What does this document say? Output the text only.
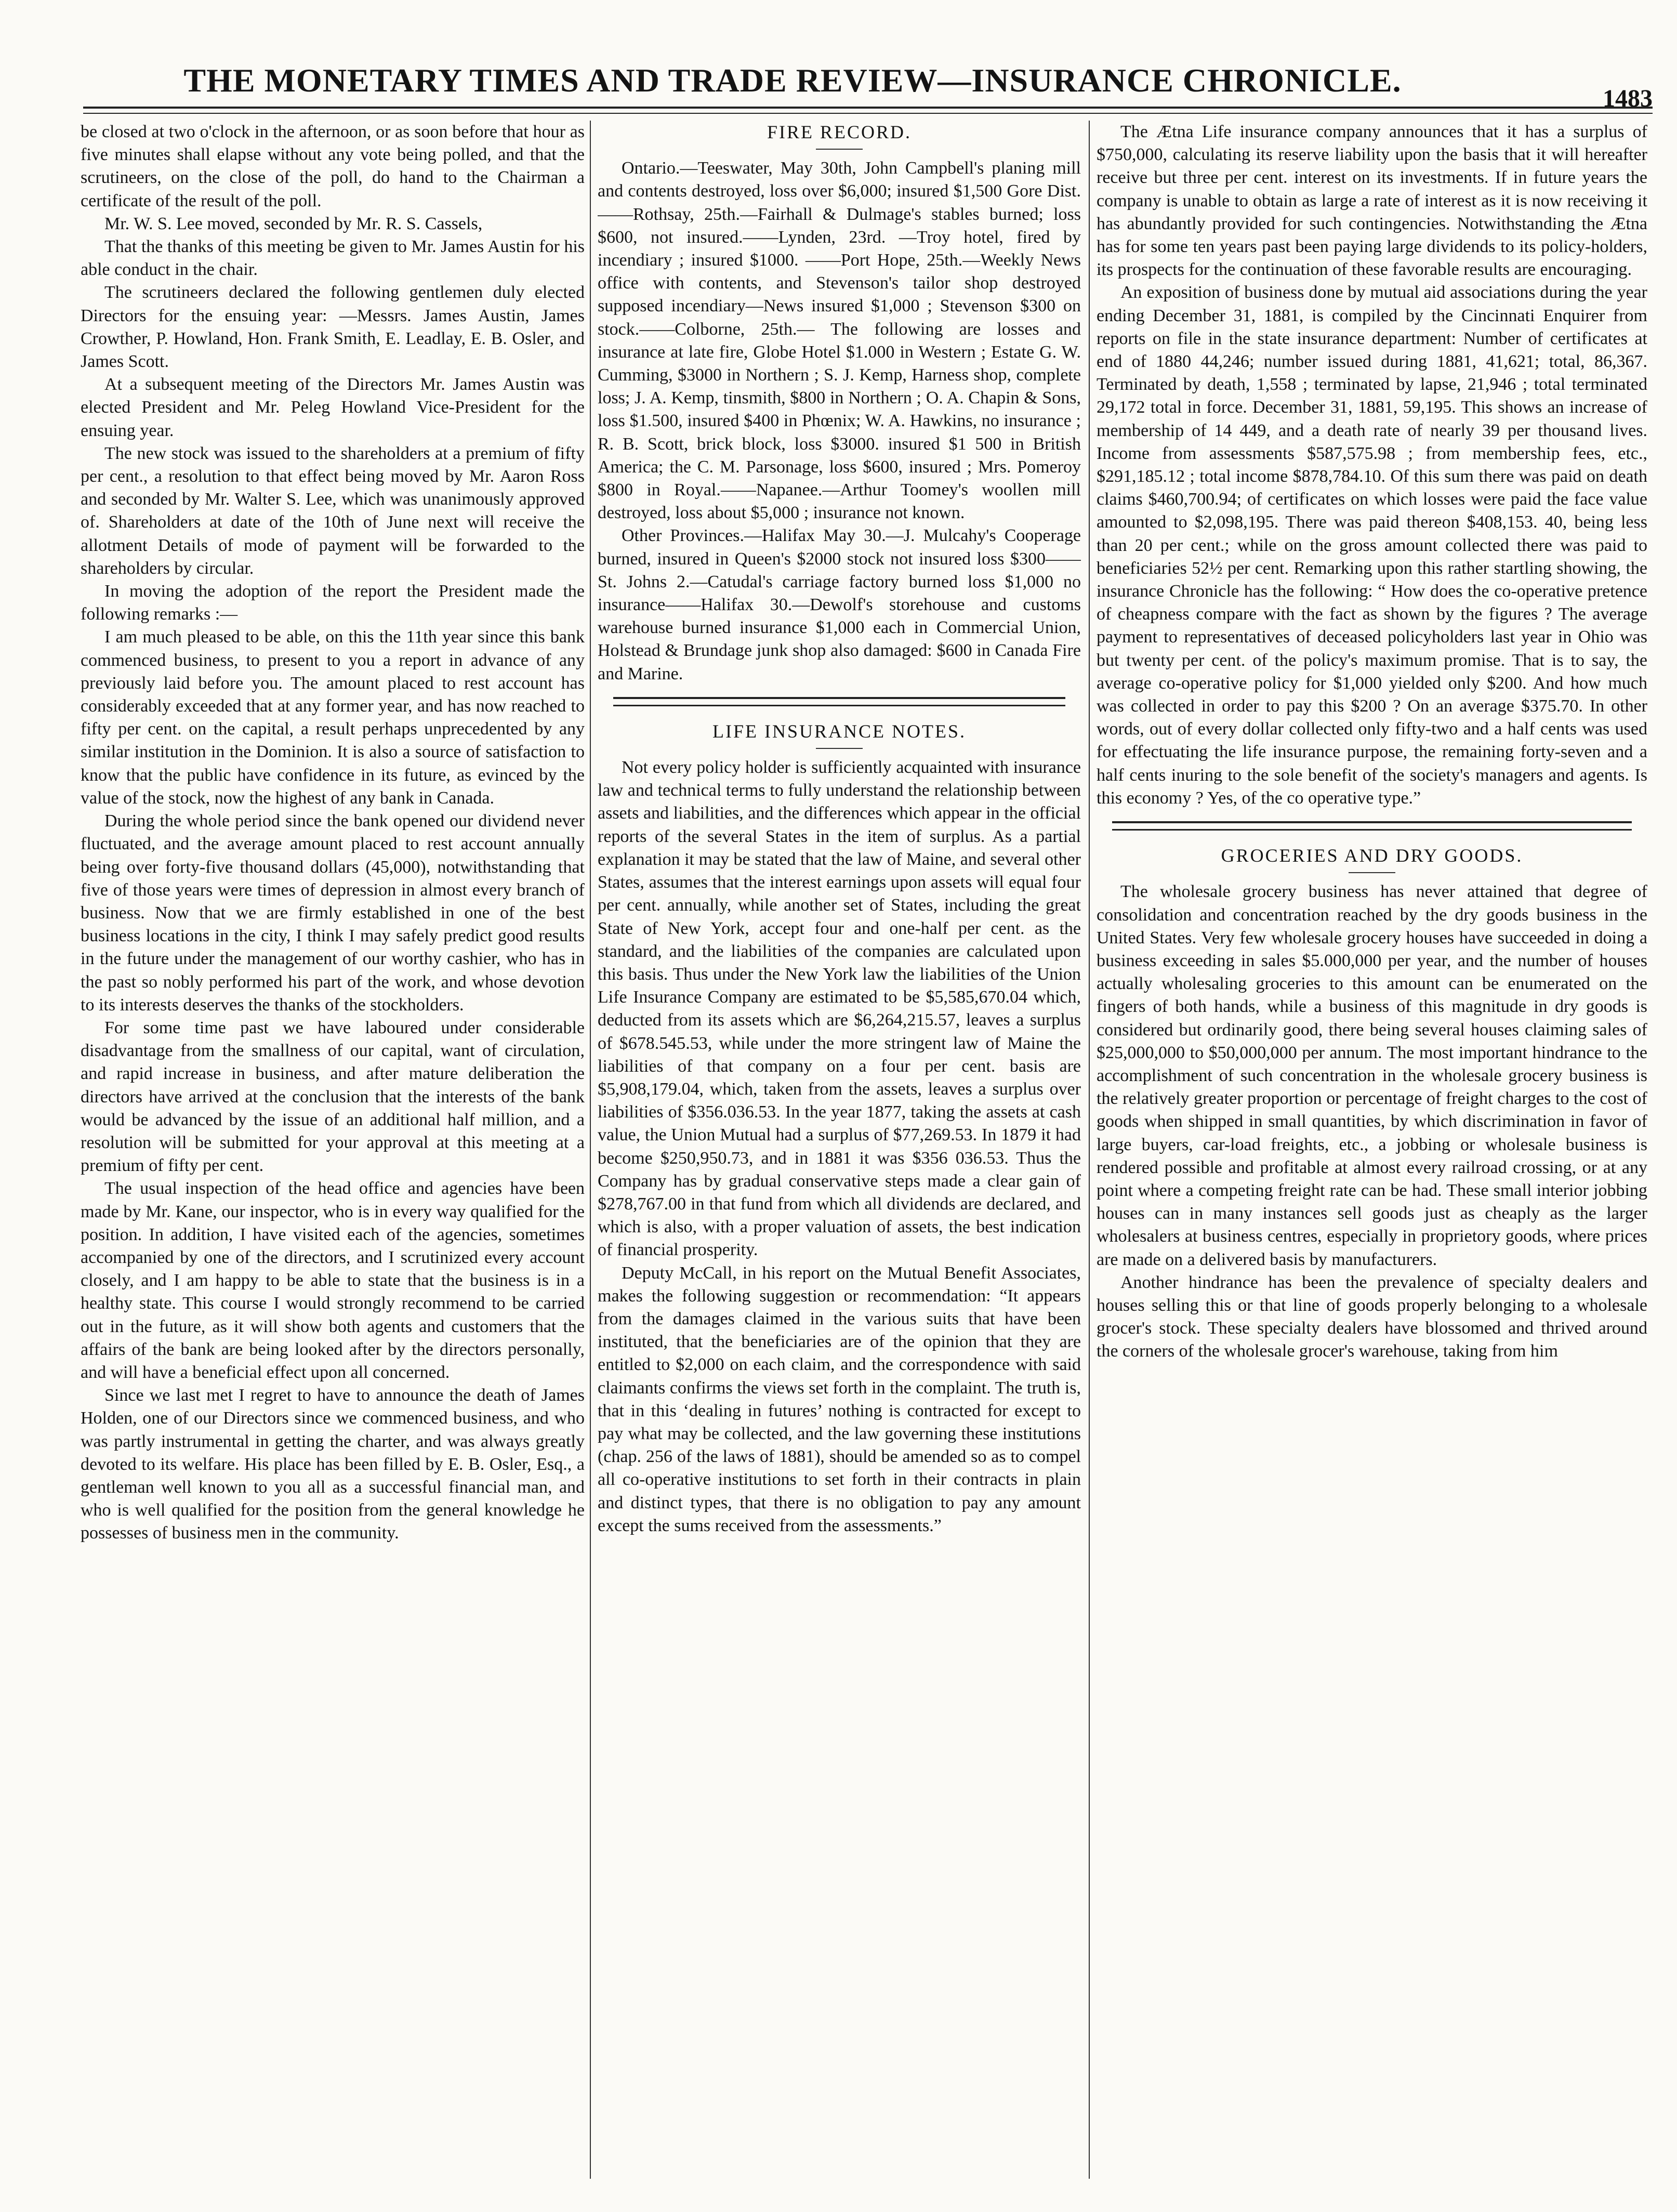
THE MONETARY TIMES AND TRADE REVIEW—INSURANCE CHRONICLE.	1483

be closed at two o'clock in the afternoon, or as soon before that hour as five minutes shall elapse without any vote being polled, and that the scrutineers, on the close of the poll, do hand to the Chairman a certificate of the result of the poll.

Mr. W. S. Lee moved, seconded by Mr. R. S. Cassels,

That the thanks of this meeting be given to Mr. James Austin for his able conduct in the chair.

The scrutineers declared the following gentlemen duly elected Directors for the ensuing year: —Messrs. James Austin, James Crowther, P. Howland, Hon. Frank Smith, E. Leadlay, E. B. Osler, and James Scott.

At a subsequent meeting of the Directors Mr. James Austin was elected President and Mr. Peleg Howland Vice-President for the ensuing year.

The new stock was issued to the shareholders at a premium of fifty per cent., a resolution to that effect being moved by Mr. Aaron Ross and seconded by Mr. Walter S. Lee, which was unanimously approved of. Shareholders at date of the 10th of June next will receive the allotment Details of mode of payment will be forwarded to the shareholders by circular.

In moving the adoption of the report the President made the following remarks :—

I am much pleased to be able, on this the 11th year since this bank commenced business, to present to you a report in advance of any previously laid before you. The amount placed to rest account has considerably exceeded that at any former year, and has now reached to fifty per cent. on the capital, a result perhaps unprecedented by any similar institution in the Dominion. It is also a source of satisfaction to know that the public have confidence in its future, as evinced by the value of the stock, now the highest of any bank in Canada.

During the whole period since the bank opened our dividend never fluctuated, and the average amount placed to rest account annually being over forty-five thousand dollars (45,000), notwithstanding that five of those years were times of depression in almost every branch of business. Now that we are firmly established in one of the best business locations in the city, I think I may safely predict good results in the future under the management of our worthy cashier, who has in the past so nobly performed his part of the work, and whose devotion to its interests deserves the thanks of the stockholders.

For some time past we have laboured under considerable disadvantage from the smallness of our capital, want of circulation, and rapid increase in business, and after mature deliberation the directors have arrived at the conclusion that the interests of the bank would be advanced by the issue of an additional half million, and a resolution will be submitted for your approval at this meeting at a premium of fifty per cent.

The usual inspection of the head office and agencies have been made by Mr. Kane, our inspector, who is in every way qualified for the position. In addition, I have visited each of the agencies, sometimes accompanied by one of the directors, and I scrutinized every account closely, and I am happy to be able to state that the business is in a healthy state. This course I would strongly recommend to be carried out in the future, as it will show both agents and customers that the affairs of the bank are being looked after by the directors personally, and will have a beneficial effect upon all concerned.

Since we last met I regret to have to announce the death of James Holden, one of our Directors since we commenced business, and who was partly instrumental in getting the charter, and was always greatly devoted to its welfare. His place has been filled by E. B. Osler, Esq., a gentleman well known to you all as a successful financial man, and who is well qualified for the position from the general knowledge he possesses of business men in the community.

FIRE RECORD.

Ontario.—Teeswater, May 30th, John Campbell's planing mill and contents destroyed, loss over $6,000; insured $1,500 Gore Dist.——Rothsay, 25th.—Fairhall & Dulmage's stables burned; loss $600, not insured.——Lynden, 23rd. —Troy hotel, fired by incendiary ; insured $1000. ——Port Hope, 25th.—Weekly News office with contents, and Stevenson's tailor shop destroyed supposed incendiary—News insured $1,000 ; Stevenson $300 on stock.——Colborne, 25th.— The following are losses and insurance at late fire, Globe Hotel $1.000 in Western ; Estate G. W. Cumming, $3000 in Northern ; S. J. Kemp, Harness shop, complete loss; J. A. Kemp, tinsmith, $800 in Northern ; O. A. Chapin & Sons, loss $1.500, insured $400 in Phœnix; W. A. Hawkins, no insurance ; R. B. Scott, brick block, loss $3000. insured $1 500 in British America; the C. M. Parsonage, loss $600, insured ; Mrs. Pomeroy $800 in Royal.——Napanee.—Arthur Toomey's woollen mill destroyed, loss about $5,000 ; insurance not known.

Other Provinces.—Halifax May 30.—J. Mulcahy's Cooperage burned, insured in Queen's $2000 stock not insured loss $300——St. Johns 2.—Catudal's carriage factory burned loss $1,000 no insurance——Halifax 30.—Dewolf's storehouse and customs warehouse burned insurance $1,000 each in Commercial Union, Holstead & Brundage junk shop also damaged: $600 in Canada Fire and Marine.

LIFE INSURANCE NOTES.

Not every policy holder is sufficiently acquainted with insurance law and technical terms to fully understand the relationship between assets and liabilities, and the differences which appear in the official reports of the several States in the item of surplus. As a partial explanation it may be stated that the law of Maine, and several other States, assumes that the interest earnings upon assets will equal four per cent. annually, while another set of States, including the great State of New York, accept four and one-half per cent. as the standard, and the liabilities of the companies are calculated upon this basis. Thus under the New York law the liabilities of the Union Life Insurance Company are estimated to be $5,585,670.04 which, deducted from its assets which are $6,264,215.57, leaves a surplus of $678.545.53, while under the more stringent law of Maine the liabilities of that company on a four per cent. basis are $5,908,179.04, which, taken from the assets, leaves a surplus over liabilities of $356.036.53. In the year 1877, taking the assets at cash value, the Union Mutual had a surplus of $77,269.53. In 1879 it had become $250,950.73, and in 1881 it was $356 036.53. Thus the Company has by gradual conservative steps made a clear gain of $278,767.00 in that fund from which all dividends are declared, and which is also, with a proper valuation of assets, the best indication of financial prosperity.

Deputy McCall, in his report on the Mutual Benefit Associates, makes the following suggestion or recommendation: “It appears from the damages claimed in the various suits that have been instituted, that the beneficiaries are of the opinion that they are entitled to $2,000 on each claim, and the correspondence with said claimants confirms the views set forth in the complaint. The truth is, that in this ‘dealing in futures’ nothing is contracted for except to pay what may be collected, and the law governing these institutions (chap. 256 of the laws of 1881), should be amended so as to compel all co-operative institutions to set forth in their contracts in plain and distinct types, that there is no obligation to pay any amount except the sums received from the assessments.”

The Ætna Life insurance company announces that it has a surplus of $750,000, calculating its reserve liability upon the basis that it will hereafter receive but three per cent. interest on its investments. If in future years the company is unable to obtain as large a rate of interest as it is now receiving it has abundantly provided for such contingencies. Notwithstanding the Ætna has for some ten years past been paying large dividends to its policy-holders, its prospects for the continuation of these favorable results are encouraging.

An exposition of business done by mutual aid associations during the year ending December 31, 1881, is compiled by the Cincinnati Enquirer from reports on file in the state insurance department: Number of certificates at end of 1880 44,246; number issued during 1881, 41,621; total, 86,367. Terminated by death, 1,558 ; terminated by lapse, 21,946 ; total terminated 29,172 total in force. December 31, 1881, 59,195. This shows an increase of membership of 14 449, and a death rate of nearly 39 per thousand lives. Income from assessments $587,575.98 ; from membership fees, etc., $291,185.12 ; total income $878,784.10. Of this sum there was paid on death claims $460,700.94; of certificates on which losses were paid the face value amounted to $2,098,195. There was paid thereon $408,153. 40, being less than 20 per cent.; while on the gross amount collected there was paid to beneficiaries 52½ per cent. Remarking upon this rather startling showing, the insurance Chronicle has the following: “ How does the co-operative pretence of cheapness compare with the fact as shown by the figures ? The average payment to representatives of deceased policyholders last year in Ohio was but twenty per cent. of the policy's maximum promise. That is to say, the average co-operative policy for $1,000 yielded only $200. And how much was collected in order to pay this $200 ? On an average $375.70. In other words, out of every dollar collected only fifty-two and a half cents was used for effectuating the life insurance purpose, the remaining forty-seven and a half cents inuring to the sole benefit of the society's managers and agents. Is this economy ? Yes, of the co operative type.”

GROCERIES AND DRY GOODS.

The wholesale grocery business has never attained that degree of consolidation and concentration reached by the dry goods business in the United States. Very few wholesale grocery houses have succeeded in doing a business exceeding in sales $5.000,000 per year, and the number of houses actually wholesaling groceries to this amount can be enumerated on the fingers of both hands, while a business of this magnitude in dry goods is considered but ordinarily good, there being several houses claiming sales of $25,000,000 to $50,000,000 per annum. The most important hindrance to the accomplishment of such concentration in the wholesale grocery business is the relatively greater proportion or percentage of freight charges to the cost of goods when shipped in small quantities, by which discrimination in favor of large buyers, car-load freights, etc., a jobbing or wholesale business is rendered possible and profitable at almost every railroad crossing, or at any point where a competing freight rate can be had. These small interior jobbing houses can in many instances sell goods just as cheaply as the larger wholesalers at business centres, especially in proprietory goods, where prices are made on a delivered basis by manufacturers.

Another hindrance has been the prevalence of specialty dealers and houses selling this or that line of goods properly belonging to a wholesale grocer's stock. These specialty dealers have blossomed and thrived around the corners of the wholesale grocer's warehouse, taking from him
